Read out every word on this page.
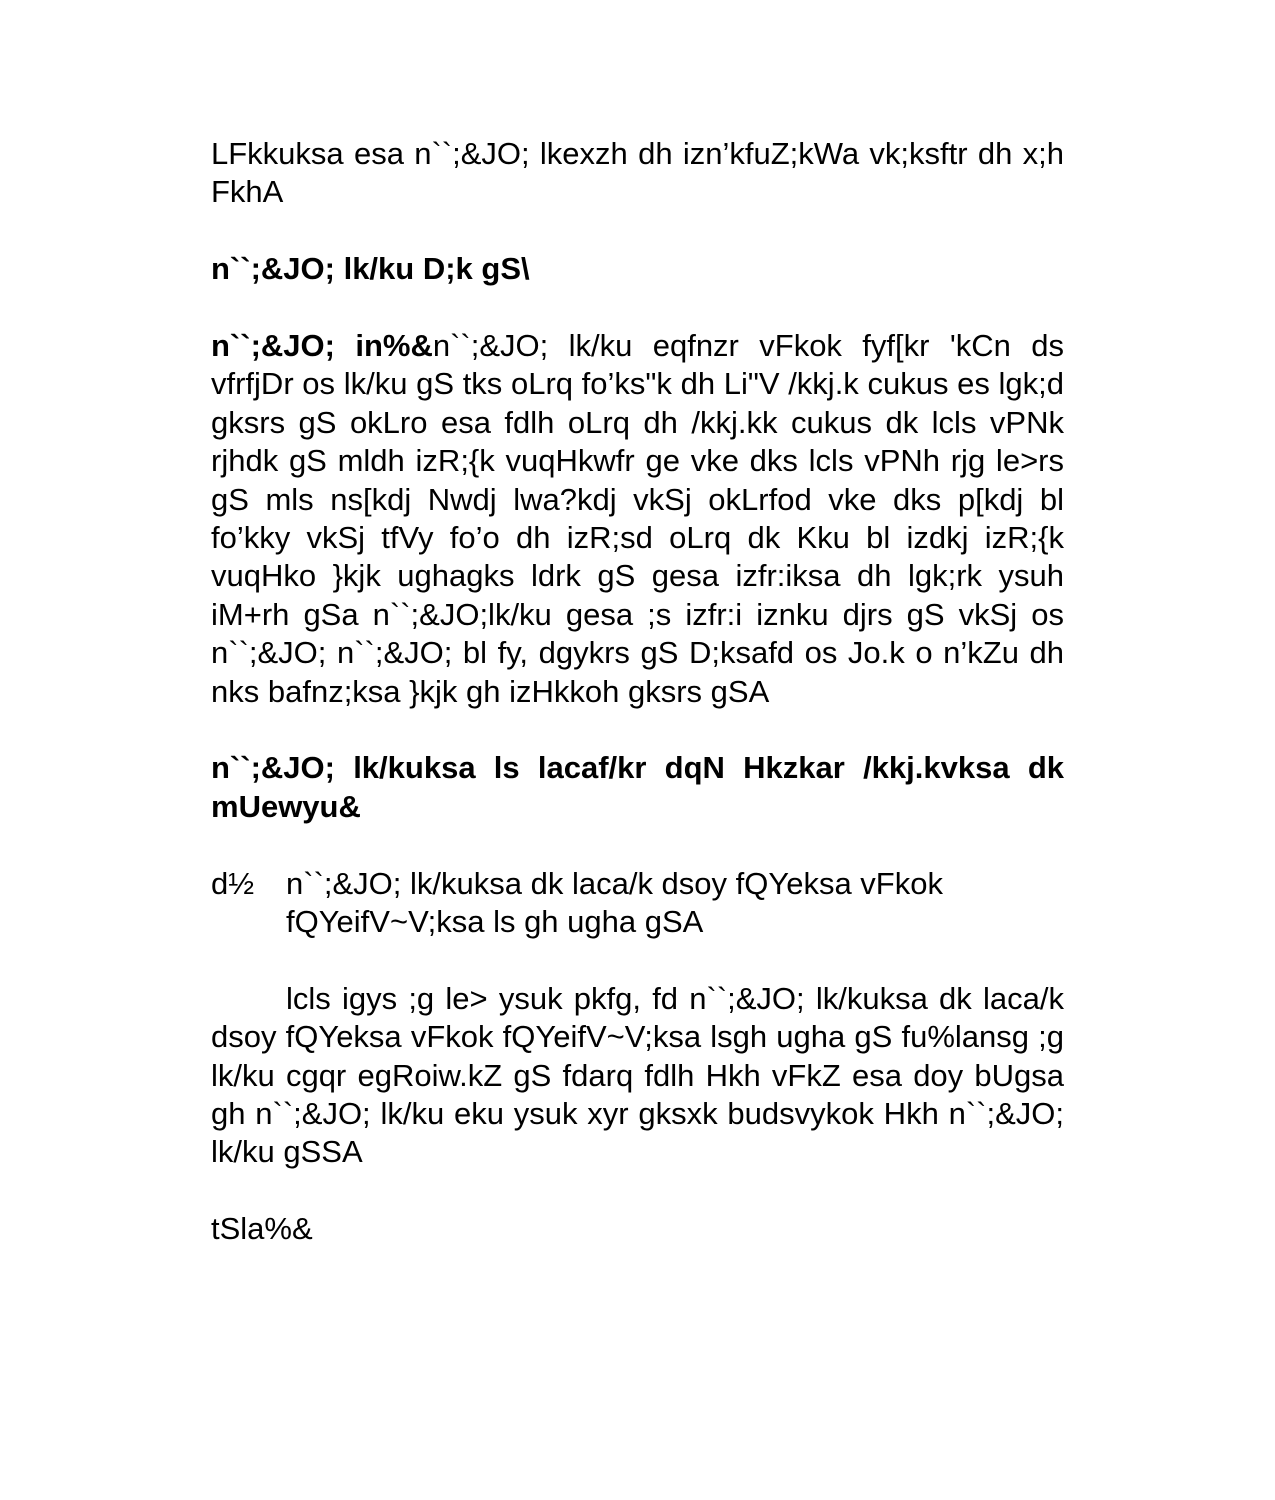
LFkkuksa esa n``;&JO; lkexzh dh izn’kfuZ;kWa vk;ksftr dh x;h FkhA

n``;&JO; lk/ku D;k gS\

n``;&JO; in%&n``;&JO; lk/ku eqfnzr vFkok fyf[kr 'kCn ds vfrfjDr os lk/ku gS tks oLrq fo’ks"k dh Li"V /kkj.k cukus es lgk;d gksrs gS okLro esa fdlh oLrq dh /kkj.kk cukus dk lcls vPNk rjhdk gS mldh izR;{k vuqHkwfr ge vke dks lcls vPNh rjg le>rs gS mls ns[kdj Nwdj lwa?kdj vkSj okLrfod vke dks p[kdj bl fo’kky vkSj tfVy fo’o dh izR;sd oLrq dk Kku bl izdkj izR;{k vuqHko }kjk ughagks ldrk gS gesa izfr:iksa dh lgk;rk ysuh iM+rh gSa n``;&JO;lk/ku gesa ;s izfr:i iznku djrs gS vkSj os n``;&JO; n``;&JO; bl fy, dgykrs gS D;ksafd os Jo.k o n’kZu dh nks bafnz;ksa }kjk gh izHkkoh gksrs gSA

n``;&JO; lk/kuksa ls lacaf/kr dqN Hkzkar /kkj.kvksa dk mUewyu&

d½ n``;&JO; lk/kuksa dk laca/k dsoy fQYeksa vFkok fQYeifV~V;ksa ls gh ugha gSA

lcls igys ;g le> ysuk pkfg, fd n``;&JO; lk/kuksa dk laca/k dsoy fQYeksa vFkok fQYeifV~V;ksa lsgh ugha gS fu%lansg ;g lk/ku cgqr egRoiw.kZ gS fdarq fdlh Hkh vFkZ esa doy bUgsa gh n``;&JO; lk/ku eku ysuk xyr gksxk budsvykok Hkh n``;&JO; lk/ku gSSA

tSla%&
